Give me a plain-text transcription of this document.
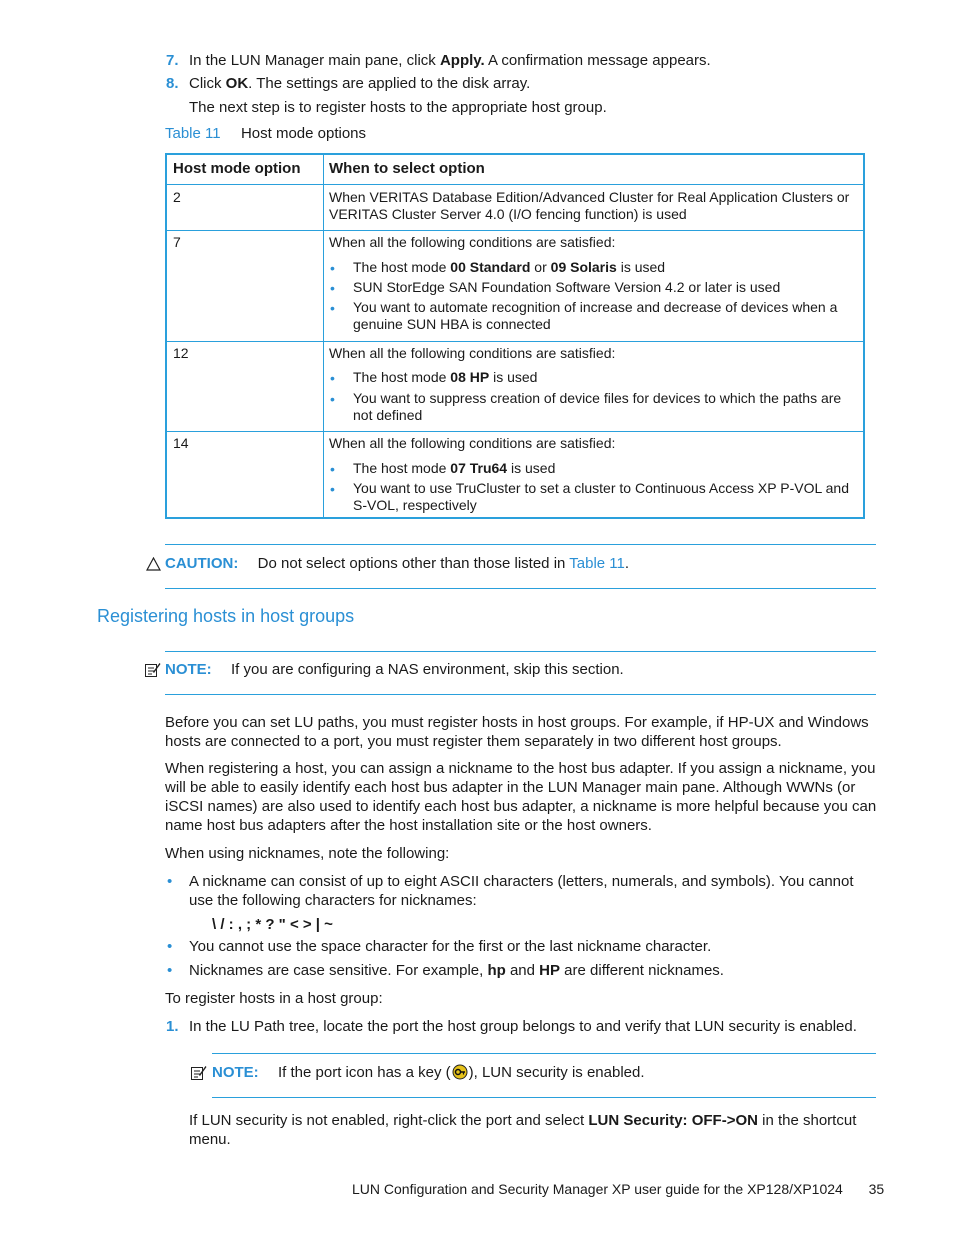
7. In the LUN Manager main pane, click Apply. A confirmation message appears.
8. Click OK. The settings are applied to the disk array.
The next step is to register hosts to the appropriate host group.
Table 11 Host mode options
Host mode option When to select option
2	When VERITAS Database Edition/Advanced Cluster for Real Application Clusters or VERITAS Cluster Server 4.0 (I/O fencing function) is used
7	When all the following conditions are satisfied:
• The host mode 00 Standard or 09 Solaris is used
• SUN StorEdge SAN Foundation Software Version 4.2 or later is used
• You want to automate recognition of increase and decrease of devices when a genuine SUN HBA is connected
12	When all the following conditions are satisfied:
• The host mode 08 HP is used
• You want to suppress creation of device files for devices to which the paths are not defined
14	When all the following conditions are satisfied:
• The host mode 07 Tru64 is used
• You want to use TruCluster to set a cluster to Continuous Access XP P-VOL and S-VOL, respectively
CAUTION: Do not select options other than those listed in Table 11.
Registering hosts in host groups
NOTE: If you are configuring a NAS environment, skip this section.
Before you can set LU paths, you must register hosts in host groups. For example, if HP-UX and Windows hosts are connected to a port, you must register them separately in two different host groups.
When registering a host, you can assign a nickname to the host bus adapter. If you assign a nickname, you will be able to easily identify each host bus adapter in the LUN Manager main pane. Although WWNs (or iSCSI names) are also used to identify each host bus adapter, a nickname is more helpful because you can name host bus adapters after the host installation site or the host owners.
When using nicknames, note the following:
• A nickname can consist of up to eight ASCII characters (letters, numerals, and symbols). You cannot use the following characters for nicknames:
\ / : , ; * ? " < > | ~
• You cannot use the space character for the first or the last nickname character.
• Nicknames are case sensitive. For example, hp and HP are different nicknames.
To register hosts in a host group:
1. In the LU Path tree, locate the port the host group belongs to and verify that LUN security is enabled.
NOTE: If the port icon has a key ( ), LUN security is enabled.
If LUN security is not enabled, right-click the port and select LUN Security: OFF->ON in the shortcut menu.
LUN Configuration and Security Manager XP user guide for the XP128/XP1024 35
